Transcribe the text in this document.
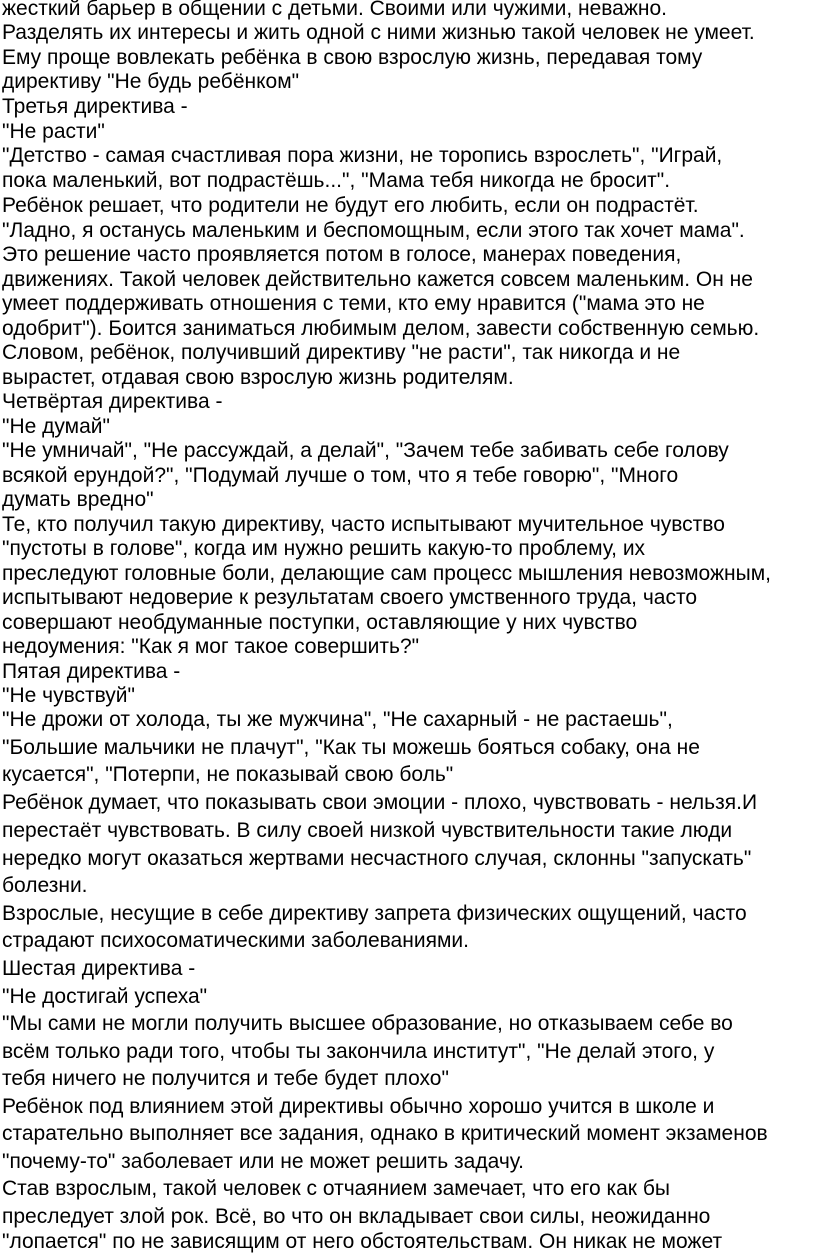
жесткий барьер в общении с детьми. Своими или чужими, неважно.
Разделять их интересы и жить одной с ними жизнью такой человек не умеет.
Ему проще вовлекать ребёнка в свою взрослую жизнь, передавая тому
директиву "Не будь ребёнком"
Третья директива -
"Не расти"
"Детство - самая счастливая пора жизни, не торопись взрослеть", "Играй,
пока маленький, вот подрастёшь...", "Мама тебя никогда не бросит".
Ребёнок решает, что родители не будут его любить, если он подрастёт.
"Ладно, я останусь маленьким и беспомощным, если этого так хочет мама".
Это решение часто проявляется потом в голосе, манерах поведения,
движениях. Такой человек действительно кажется совсем маленьким. Он не
умеет поддерживать отношения с теми, кто ему нравится ("мама это не
одобрит"). Боится заниматься любимым делом, завести собственную семью.
Словом, ребёнок, получивший директиву "не расти", так никогда и не
вырастет, отдавая свою взрослую жизнь родителям.
Четвёртая директива -
"Не думай"
"Не умничай", "Не рассуждай, а делай", "Зачем тебе забивать себе голову
всякой ерундой?", "Подумай лучше о том, что я тебе говорю", "Много
думать вредно"
Те, кто получил такую директиву, часто испытывают мучительное чувство
"пустоты в голове", когда им нужно решить какую-то проблему, их
преследуют головные боли, делающие сам процесс мышления невозможным,
испытывают недоверие к результатам своего умственного труда, часто
совершают необдуманные поступки, оставляющие у них чувство
недоумения: "Как я мог такое совершить?"
Пятая директива -
"Не чувствуй"
"Не дрожи от холода, ты же мужчина", "Не сахарный - не растаешь",
"Большие мальчики не плачут", "Как ты можешь бояться собаку, она не
кусается", "Потерпи, не показывай свою боль"
Ребёнок думает, что показывать свои эмоции - плохо, чувствовать - нельзя.И
перестаёт чувствовать. В силу своей низкой чувствительности такие люди
нередко могут оказаться жертвами несчастного случая, склонны "запускать"
болезни.
Взрослые, несущие в себе директиву запрета физических ощущений, часто
страдают психосоматическими заболеваниями.
Шестая директива -
"Не достигай успеха"
"Мы сами не могли получить высшее образование, но отказываем себе во
всём только ради того, чтобы ты закончила институт", "Не делай этого, у
тебя ничего не получится и тебе будет плохо"
Ребёнок под влиянием этой директивы обычно хорошо учится в школе и
старательно выполняет все задания, однако в критический момент экзаменов
"почему-то" заболевает или не может решить задачу.
Став взрослым, такой человек с отчаянием замечает, что его как бы
преследует злой рок. Всё, во что он вкладывает свои силы, неожиданно
"лопается" по не зависящим от него обстоятельствам. Он никак не может
